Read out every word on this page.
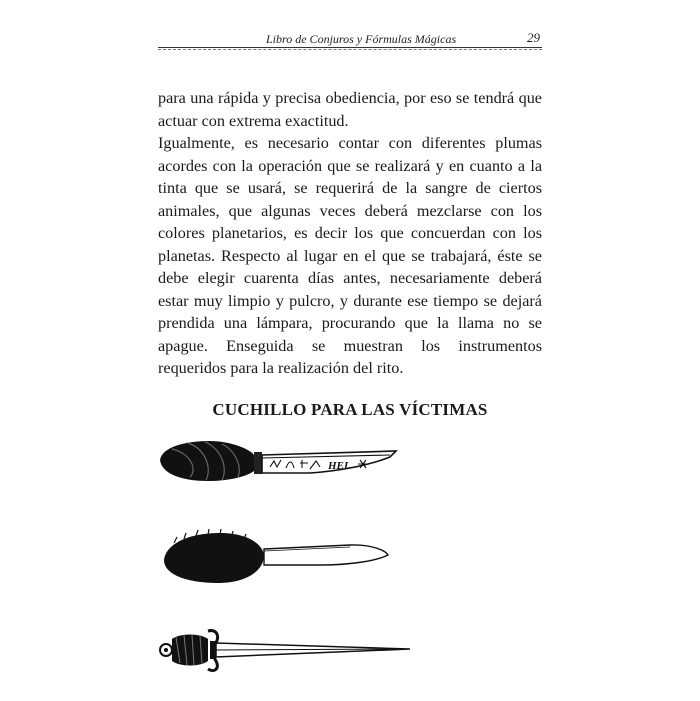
Libro de Conjuros y Fórmulas Mágicas	29

para una rápida y precisa obediencia, por eso se tendrá que actuar con extrema exactitud.

Igualmente, es necesario contar con diferentes plumas acordes con la operación que se realizará y en cuanto a la tinta que se usará, se requerirá de la sangre de ciertos animales, que algunas veces deberá mezclarse con los colores planetarios, es decir los que concuerdan con los planetas. Respecto al lugar en el que se trabajará, éste se debe elegir cuarenta días antes, necesariamente deberá estar muy limpio y pulcro, y durante ese tiempo se dejará prendida una lámpara, procurando que la llama no se apague. Enseguida se muestran los instrumentos requeridos para la realización del rito.

CUCHILLO PARA LAS VÍCTIMAS
HEL
